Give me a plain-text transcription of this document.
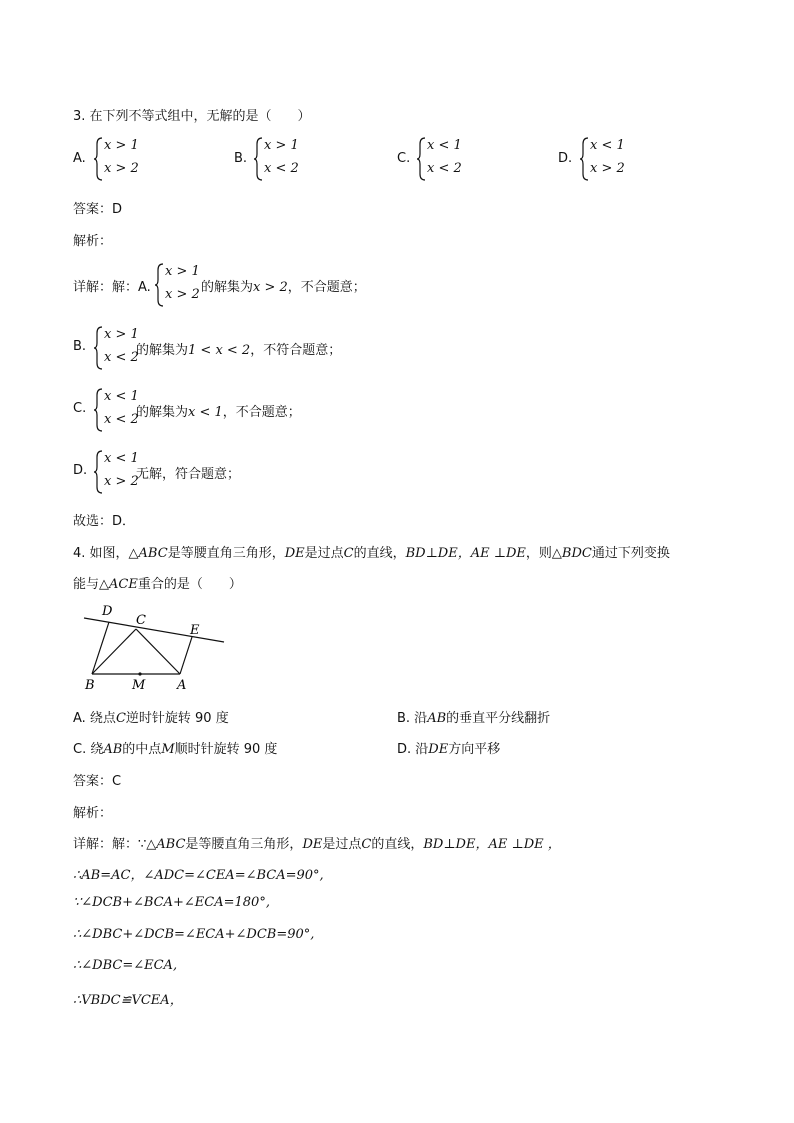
3. 在下列不等式组中，无解的是（　　）
A.
x > 1
x > 2
B.
x > 1
x < 2
C.
x < 1
x < 2
D.
x < 1
x > 2
答案：D
解析：
详解：解：A.
x > 1
x > 2 的解集为x > 2，不合题意；
B.
x > 1
x < 2
的解集为1 < x < 2，不符合题意；
C.
x < 1
x < 2
的解集为x < 1，不合题意；
D.
x < 1
x > 2
无解，符合题意；
故选：D．
4. 如图，△ABC是等腰直角三角形，DE是过点C的直线，BD⊥DE，AE ⊥DE，则△BDC通过下列变换
能与△ACE重合的是（　　）
D
C
E
B	M A
A. 绕点C逆时针旋转 90 度	B. 沿AB的垂直平分线翻折
C. 绕AB的中点M顺时针旋转 90 度	D. 沿DE方向平移
答案：C
解析：
详解：解：∵△ABC是等腰直角三角形，DE是过点C的直线，BD⊥DE，AE ⊥DE ，
∴AB=AC，∠ADC=∠CEA=∠BCA=90°,
∵∠DCB+∠BCA+∠ECA=180°,
∴∠DBC+∠DCB=∠ECA+∠DCB=90°,
∴∠DBC=∠ECA,
∴VBDC≌VCEA，
